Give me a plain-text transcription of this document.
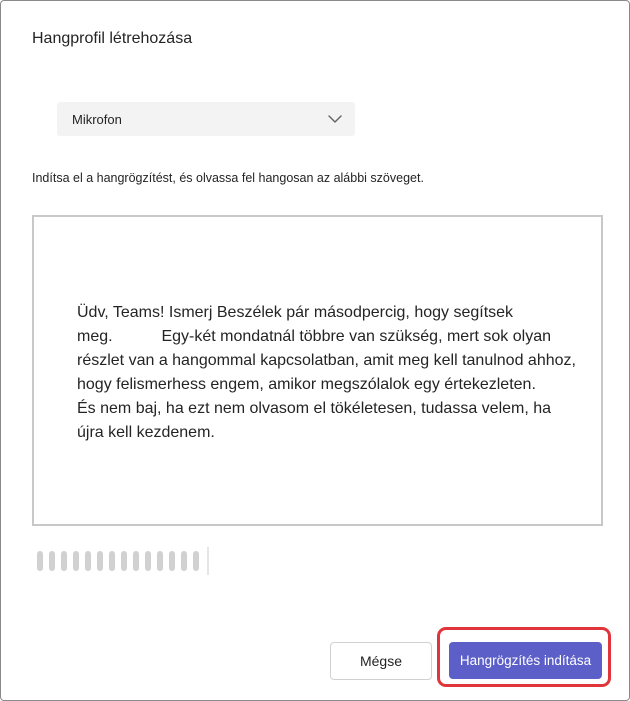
Hangprofil létrehozása
Mikrofon
Indítsa el a hangrögzítést, és olvassa fel hangosan az alábbi szöveget.

Üdv, Teams! Ismerj Beszélek pár másodpercig, hogy segítsek
meg.           Egy-két mondatnál többre van szükség, mert sok olyan
részlet van a hangommal kapcsolatban, amit meg kell tanulnod ahhoz,
hogy felismerhess engem, amikor megszólalok egy értekezleten.
És nem baj, ha ezt nem olvasom el tökéletesen, tudassa velem, ha
újra kell kezdenem.

Mégse	Hangrögzítés indítása
